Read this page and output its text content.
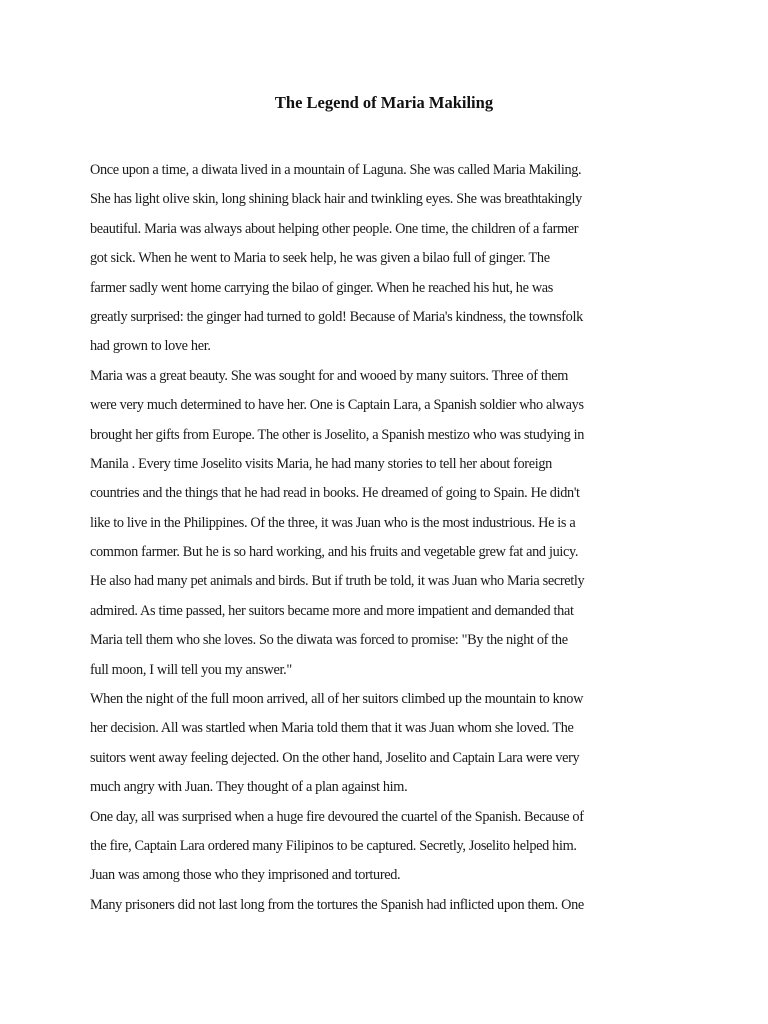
The Legend of Maria Makiling
Once upon a time, a diwata lived in a mountain of Laguna. She was called Maria Makiling.
She has light olive skin, long shining black hair and twinkling eyes. She was breathtakingly
beautiful. Maria was always about helping other people. One time, the children of a farmer
got sick. When he went to Maria to seek help, he was given a bilao full of ginger. The
farmer sadly went home carrying the bilao of ginger. When he reached his hut, he was
greatly surprised: the ginger had turned to gold! Because of Maria's kindness, the townsfolk
had grown to love her.
Maria was a great beauty. She was sought for and wooed by many suitors. Three of them
were very much determined to have her. One is Captain Lara, a Spanish soldier who always
brought her gifts from Europe. The other is Joselito, a Spanish mestizo who was studying in
Manila . Every time Joselito visits Maria, he had many stories to tell her about foreign
countries and the things that he had read in books. He dreamed of going to Spain. He didn't
like to live in the Philippines. Of the three, it was Juan who is the most industrious. He is a
common farmer. But he is so hard working, and his fruits and vegetable grew fat and juicy.
He also had many pet animals and birds. But if truth be told, it was Juan who Maria secretly
admired. As time passed, her suitors became more and more impatient and demanded that
Maria tell them who she loves. So the diwata was forced to promise: "By the night of the
full moon, I will tell you my answer."
When the night of the full moon arrived, all of her suitors climbed up the mountain to know
her decision. All was startled when Maria told them that it was Juan whom she loved. The
suitors went away feeling dejected. On the other hand, Joselito and Captain Lara were very
much angry with Juan. They thought of a plan against him.
One day, all was surprised when a huge fire devoured the cuartel of the Spanish. Because of
the fire, Captain Lara ordered many Filipinos to be captured. Secretly, Joselito helped him.
Juan was among those who they imprisoned and tortured.
Many prisoners did not last long from the tortures the Spanish had inflicted upon them. One
